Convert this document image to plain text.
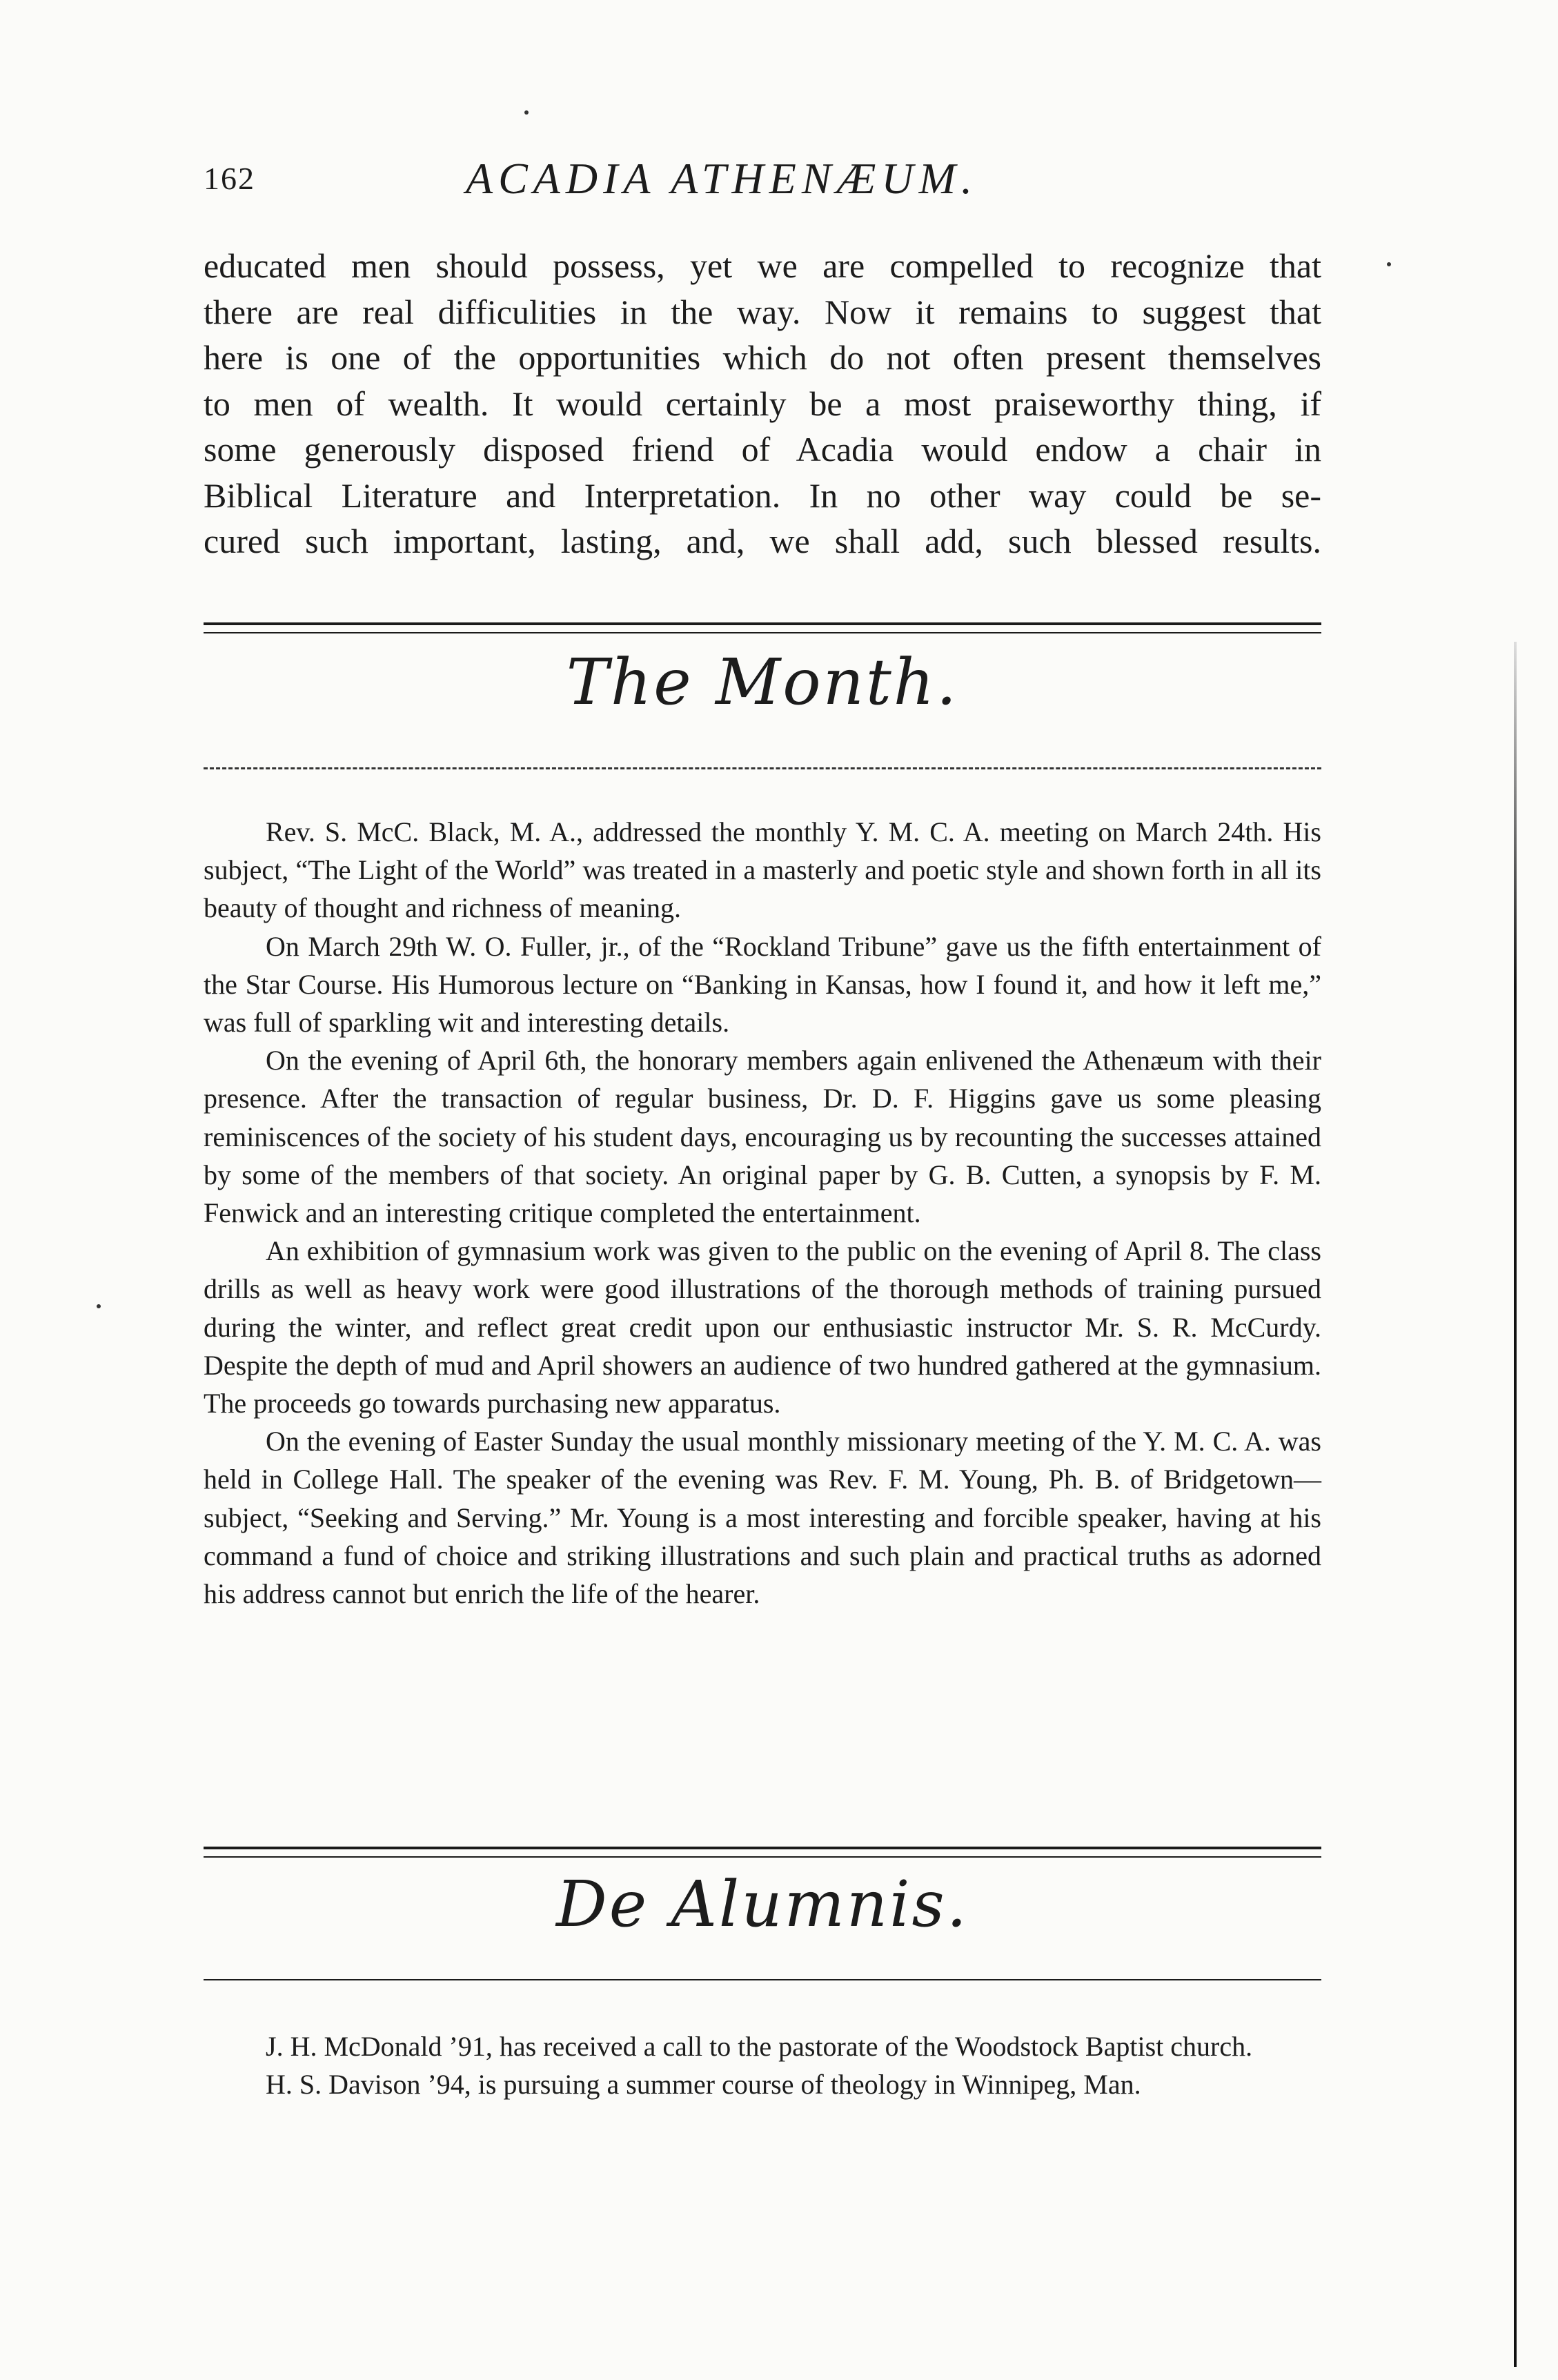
162	ACADIA ATHENÆUM.
educated men should possess, yet we are compelled to recognize that
there are real difficulities in the way. Now it remains to suggest that
here is one of the opportunities which do not often present themselves
to men of wealth. It would certainly be a most praiseworthy thing, if
some generously disposed friend of Acadia would endow a chair in
Biblical Literature and Interpretation. In no other way could be se-
cured such important, lasting, and, we shall add, such blessed results.
The Month.

Rev. S. McC. Black, M. A., addressed the monthly Y. M. C. A. meeting on March 24th. His subject, “The Light of the World” was treated in a masterly and poetic style and shown forth in all its beauty of thought and richness of meaning.

On March 29th W. O. Fuller, jr., of the “Rockland Tribune” gave us the fifth entertainment of the Star Course. His Humorous lecture on “Banking in Kansas, how I found it, and how it left me,” was full of sparkling wit and interesting details.

On the evening of April 6th, the honorary members again enlivened the Athenæum with their presence. After the transaction of regular business, Dr. D. F. Higgins gave us some pleasing reminiscences of the society of his student days, encouraging us by recounting the successes attained by some of the members of that society. An original paper by G. B. Cutten, a synopsis by F. M. Fenwick and an interesting critique completed the entertainment.

An exhibition of gymnasium work was given to the public on the evening of April 8. The class drills as well as heavy work were good illustrations of the thorough methods of training pursued during the winter, and reflect great credit upon our enthusiastic instructor Mr. S. R. McCurdy. Despite the depth of mud and April showers an audience of two hundred gathered at the gymnasium. The proceeds go towards purchasing new apparatus.

On the evening of Easter Sunday the usual monthly missionary meeting of the Y. M. C. A. was held in College Hall. The speaker of the evening was Rev. F. M. Young, Ph. B. of Bridgetown—subject, “Seeking and Serving.” Mr. Young is a most interesting and forcible speaker, having at his command a fund of choice and striking illustrations and such plain and practical truths as adorned his address cannot but enrich the life of the hearer.

De Alumnis.

J. H. McDonald ’91, has received a call to the pastorate of the Woodstock Baptist church.

H. S. Davison ’94, is pursuing a summer course of theology in Winnipeg, Man.
